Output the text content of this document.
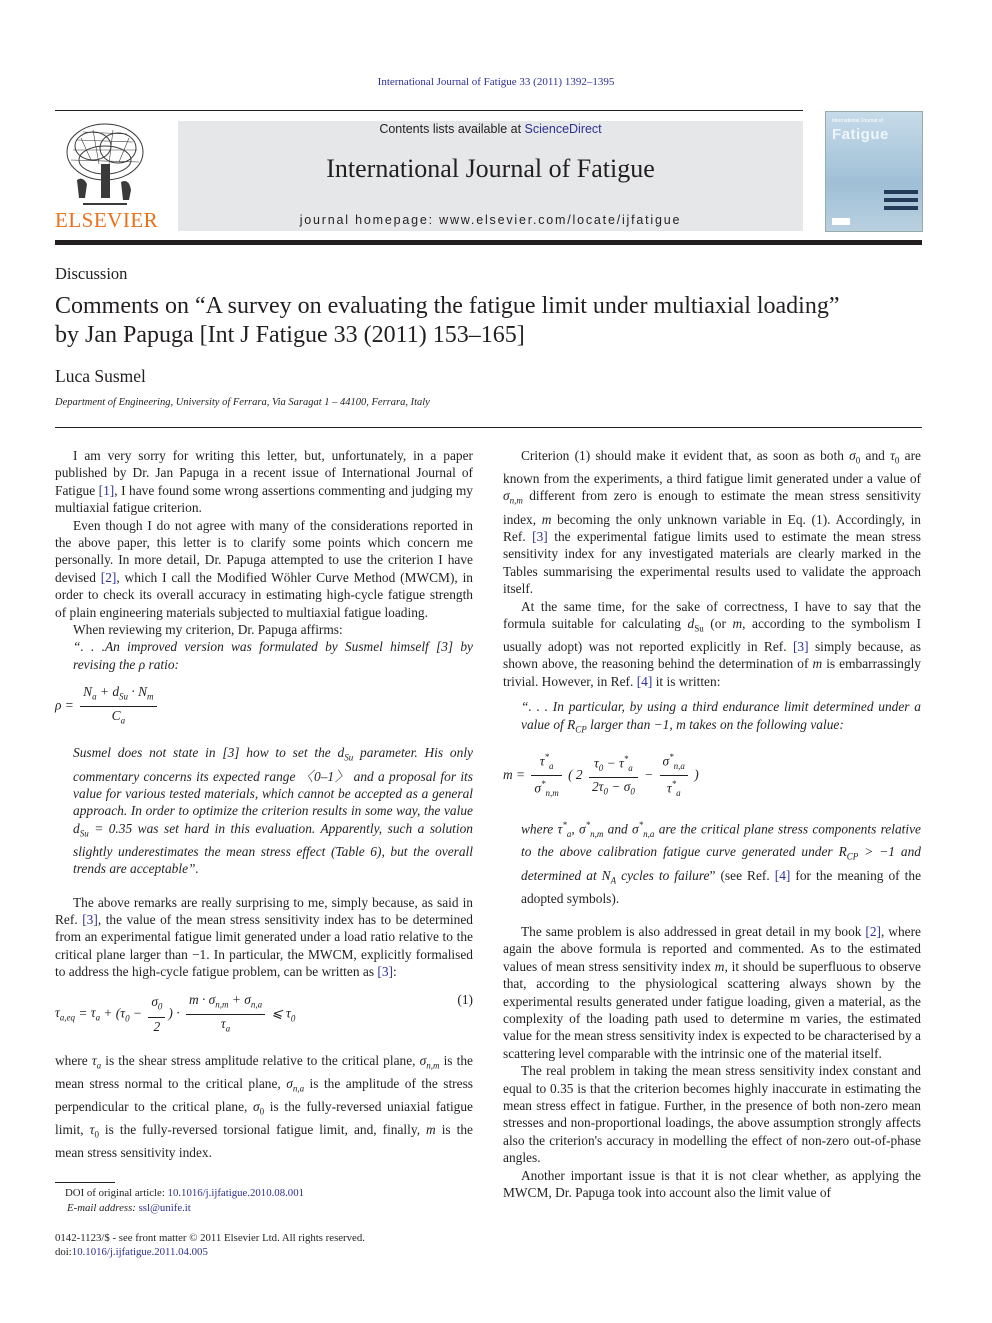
International Journal of Fatigue 33 (2011) 1392–1395
ELSEVIER
Contents lists available at ScienceDirect
International Journal of Fatigue
journal homepage: www.elsevier.com/locate/ijfatigue
International Journal of
Fatigue
Discussion
Comments on “A survey on evaluating the fatigue limit under multiaxial loading”
by Jan Papuga [Int J Fatigue 33 (2011) 153–165]
Luca Susmel
Department of Engineering, University of Ferrara, Via Saragat 1 – 44100, Ferrara, Italy

I am very sorry for writing this letter, but, unfortunately, in a paper published by Dr. Jan Papuga in a recent issue of International Journal of Fatigue [1], I have found some wrong assertions commenting and judging my multiaxial fatigue criterion.

Even though I do not agree with many of the considerations reported in the above paper, this letter is to clarify some points which concern me personally. In more detail, Dr. Papuga attempted to use the criterion I have devised [2], which I call the Modified Wöhler Curve Method (MWCM), in order to check its overall accuracy in estimating high-cycle fatigue strength of plain engineering materials subjected to multiaxial fatigue loading.

When reviewing my criterion, Dr. Papuga affirms:

“. . .An improved version was formulated by Susmel himself [3] by revising the ρ ratio:

$\rho = \frac{N_a + d_{Su} \cdot N_m}{C_a}$

Susmel does not state in [3] how to set the $d_{Su}$ parameter. His only commentary concerns its expected range 〈0–1〉 and a proposal for its value for various tested materials, which cannot be accepted as a general approach. In order to optimize the criterion results in some way, the value $d_{Su} = 0.35$ was set hard in this evaluation. Apparently, such a solution slightly underestimates the mean stress effect (Table 6), but the overall trends are acceptable”.

The above remarks are really surprising to me, simply because, as said in Ref. [3], the value of the mean stress sensitivity index has to be determined from an experimental fatigue limit generated under a load ratio relative to the critical plane larger than −1. In particular, the MWCM, explicitly formalised to address the high-cycle fatigue problem, can be written as [3]:

$\tau_{a,eq} = \tau_a + (\tau_0 - \frac{\sigma_0}{2}$ ) · $\frac{m \cdot \sigma_{n,m} + \sigma_{n,a}}{\tau_a}$ ⩽ $\tau_0$
(1)

where $\tau_a$ is the shear stress amplitude relative to the critical plane, $\sigma_{n,m}$ is the mean stress normal to the critical plane, $\sigma_{n,a}$ is the amplitude of the stress perpendicular to the critical plane, $\sigma_0$ is the fully-reversed uniaxial fatigue limit, $\tau_0$ is the fully-reversed torsional fatigue limit, and, finally, m is the mean stress sensitivity index.

Criterion (1) should make it evident that, as soon as both $\sigma_0$ and $\tau_0$ are known from the experiments, a third fatigue limit generated under a value of $\sigma_{n,m}$ different from zero is enough to estimate the mean stress sensitivity index, m becoming the only unknown variable in Eq. (1). Accordingly, in Ref. [3] the experimental fatigue limits used to estimate the mean stress sensitivity index for any investigated materials are clearly marked in the Tables summarising the experimental results used to validate the approach itself.

At the same time, for the sake of correctness, I have to say that the formula suitable for calculating $d_{Su}$ (or m, according to the symbolism I usually adopt) was not reported explicitly in Ref. [3] simply because, as shown above, the reasoning behind the determination of m is embarrassingly trivial. However, in Ref. [4] it is written:

“. . . In particular, by using a third endurance limit determined under a value of $R_{CP}$ larger than −1, m takes on the following value:

$m = \frac{\tau^*_a}{\sigma^*_{n,m}}$ ( $2 \frac{\tau_0 - \tau^*_a}{2\tau_0 - \sigma_0} - \frac{\sigma^*_{n,a}}{\tau^*_a}$ )

where $\tau^*_a$, $\sigma^*_{n,m}$ and $\sigma^*_{n,a}$ are the critical plane stress components relative to the above calibration fatigue curve generated under $R_{CP} > -1$ and determined at $N_A$ cycles to failure” (see Ref. [4] for the meaning of the adopted symbols).

The same problem is also addressed in great detail in my book [2], where again the above formula is reported and commented. As to the estimated values of mean stress sensitivity index m, it should be superfluous to observe that, according to the physiological scattering always shown by the experimental results generated under fatigue loading, given a material, as the complexity of the loading path used to determine m varies, the estimated value for the mean stress sensitivity index is expected to be characterised by a scattering level comparable with the intrinsic one of the material itself.

The real problem in taking the mean stress sensitivity index constant and equal to 0.35 is that the criterion becomes highly inaccurate in estimating the mean stress effect in fatigue. Further, in the presence of both non-zero mean stresses and non-proportional loadings, the above assumption strongly affects also the criterion's accuracy in modelling the effect of non-zero out-of-phase angles.

Another important issue is that it is not clear whether, as applying the MWCM, Dr. Papuga took into account also the limit value of

DOI of original article: 10.1016/j.ijfatigue.2010.08.001
E-mail address: ssl@unife.it
0142-1123/$ - see front matter © 2011 Elsevier Ltd. All rights reserved.
doi:10.1016/j.ijfatigue.2011.04.005
